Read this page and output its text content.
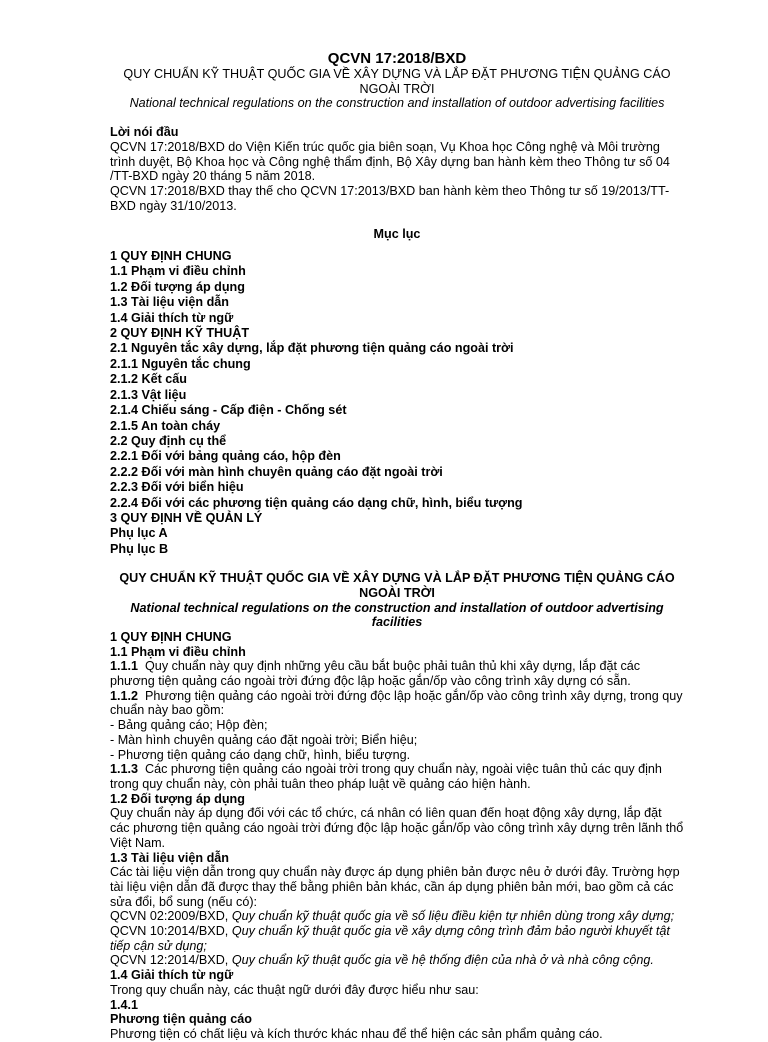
QCVN 17:2018/BXD

QUY CHUẨN KỸ THUẬT QUỐC GIA VỀ XÂY DỰNG VÀ LẮP ĐẶT PHƯƠNG TIỆN QUẢNG CÁO NGOÀI TRỜI

National technical regulations on the construction and installation of outdoor advertising facilities

Lời nói đầu

QCVN 17:2018/BXD do Viện Kiến trúc quốc gia biên soạn, Vụ Khoa học Công nghệ và Môi trường trình duyệt, Bộ Khoa học và Công nghệ thẩm định, Bộ Xây dựng ban hành kèm theo Thông tư số 04 /TT-BXD ngày 20 tháng 5 năm 2018.

QCVN 17:2018/BXD thay thế cho QCVN 17:2013/BXD ban hành kèm theo Thông tư số 19/2013/TT-BXD ngày 31/10/2013.

Mục lục

1 QUY ĐỊNH CHUNG

1.1 Phạm vi điều chỉnh

1.2 Đối tượng áp dụng

1.3 Tài liệu viện dẫn

1.4 Giải thích từ ngữ

2 QUY ĐỊNH KỸ THUẬT

2.1 Nguyên tắc xây dựng, lắp đặt phương tiện quảng cáo ngoài trời

2.1.1 Nguyên tắc chung

2.1.2 Kết cấu

2.1.3 Vật liệu

2.1.4 Chiếu sáng - Cấp điện - Chống sét

2.1.5 An toàn cháy

2.2 Quy định cụ thể

2.2.1 Đối với bảng quảng cáo, hộp đèn

2.2.2 Đối với màn hình chuyên quảng cáo đặt ngoài trời

2.2.3 Đối với biển hiệu

2.2.4 Đối với các phương tiện quảng cáo dạng chữ, hình, biểu tượng

3 QUY ĐỊNH VỀ QUẢN LÝ

Phụ lục A

Phụ lục B

QUY CHUẨN KỸ THUẬT QUỐC GIA VỀ XÂY DỰNG VÀ LẮP ĐẶT PHƯƠNG TIỆN QUẢNG CÁO NGOÀI TRỜI

National technical regulations on the construction and installation of outdoor advertising facilities

1 QUY ĐỊNH CHUNG

1.1 Phạm vi điều chỉnh

1.1.1 Quy chuẩn này quy định những yêu cầu bắt buộc phải tuân thủ khi xây dựng, lắp đặt các phương tiện quảng cáo ngoài trời đứng độc lập hoặc gắn/ốp vào công trình xây dựng có sẵn.

1.1.2 Phương tiện quảng cáo ngoài trời đứng độc lập hoặc gắn/ốp vào công trình xây dựng, trong quy chuẩn này bao gồm:

- Bảng quảng cáo; Hộp đèn;

- Màn hình chuyên quảng cáo đặt ngoài trời; Biển hiệu;

- Phương tiện quảng cáo dạng chữ, hình, biểu tượng.

1.1.3 Các phương tiện quảng cáo ngoài trời trong quy chuẩn này, ngoài việc tuân thủ các quy định trong quy chuẩn này, còn phải tuân theo pháp luật về quảng cáo hiện hành.

1.2 Đối tượng áp dụng

Quy chuẩn này áp dụng đối với các tổ chức, cá nhân có liên quan đến hoạt động xây dựng, lắp đặt các phương tiện quảng cáo ngoài trời đứng độc lập hoặc gắn/ốp vào công trình xây dựng trên lãnh thổ Việt Nam.

1.3 Tài liệu viện dẫn

Các tài liệu viện dẫn trong quy chuẩn này được áp dụng phiên bản được nêu ở dưới đây. Trường hợp tài liệu viện dẫn đã được thay thế bằng phiên bản khác, cần áp dụng phiên bản mới, bao gồm cả các sửa đổi, bổ sung (nếu có):

QCVN 02:2009/BXD, Quy chuẩn kỹ thuật quốc gia về số liệu điều kiện tự nhiên dùng trong xây dựng;

QCVN 10:2014/BXD, Quy chuẩn kỹ thuật quốc gia về xây dựng công trình đảm bảo người khuyết tật tiếp cận sử dụng;

QCVN 12:2014/BXD, Quy chuẩn kỹ thuật quốc gia về hệ thống điện của nhà ở và nhà công cộng.

1.4 Giải thích từ ngữ

Trong quy chuẩn này, các thuật ngữ dưới đây được hiểu như sau:

1.4.1

Phương tiện quảng cáo

Phương tiện có chất liệu và kích thước khác nhau để thể hiện các sản phẩm quảng cáo.
